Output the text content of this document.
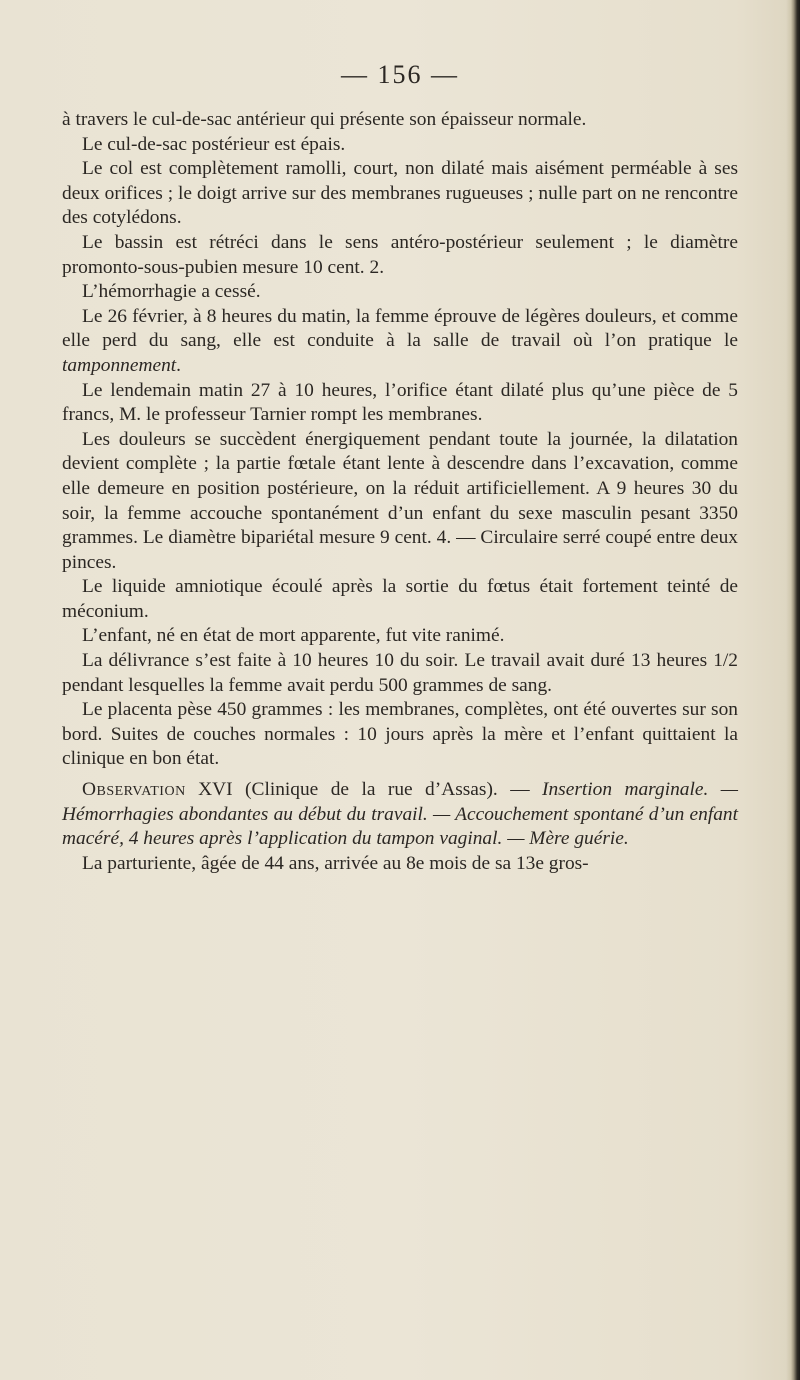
— 156 —

à travers le cul-de-sac antérieur qui présente son épaisseur normale.

Le cul-de-sac postérieur est épais.

Le col est complètement ramolli, court, non dilaté mais aisément perméable à ses deux orifices ; le doigt arrive sur des membranes rugueuses ; nulle part on ne rencontre des cotylédons.

Le bassin est rétréci dans le sens antéro-postérieur seulement ; le diamètre promonto-sous-pubien mesure 10 cent. 2.

L’hémorrhagie a cessé.

Le 26 février, à 8 heures du matin, la femme éprouve de légères douleurs, et comme elle perd du sang, elle est conduite à la salle de travail où l’on pratique le tamponnement.

Le lendemain matin 27 à 10 heures, l’orifice étant dilaté plus qu’une pièce de 5 francs, M. le professeur Tarnier rompt les membranes.

Les douleurs se succèdent énergiquement pendant toute la journée, la dilatation devient complète ; la partie fœtale étant lente à descendre dans l’excavation, comme elle demeure en position postérieure, on la réduit artificiellement. A 9 heures 30 du soir, la femme accouche spontanément d’un enfant du sexe masculin pesant 3350 grammes. Le diamètre bipariétal mesure 9 cent. 4. — Circulaire serré coupé entre deux pinces.

Le liquide amniotique écoulé après la sortie du fœtus était fortement teinté de méconium.

L’enfant, né en état de mort apparente, fut vite ranimé.

La délivrance s’est faite à 10 heures 10 du soir. Le travail avait duré 13 heures 1/2 pendant lesquelles la femme avait perdu 500 grammes de sang.

Le placenta pèse 450 grammes : les membranes, complètes, ont été ouvertes sur son bord. Suites de couches normales : 10 jours après la mère et l’enfant quittaient la clinique en bon état.

Observation XVI (Clinique de la rue d’Assas). — Insertion marginale. — Hémorrhagies abondantes au début du travail. — Accouchement spontané d’un enfant macéré, 4 heures après l’application du tampon vaginal. — Mère guérie.

La parturiente, âgée de 44 ans, arrivée au 8e mois de sa 13e gros-
